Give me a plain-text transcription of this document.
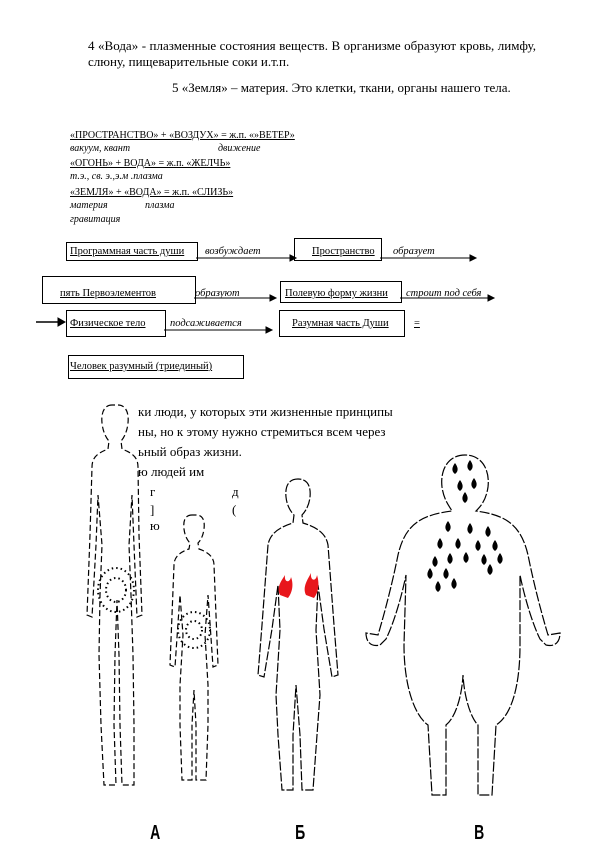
4 «Вода» - плазменные состояния веществ. В организме образуют кровь, лимфу, слюну, пищеварительные соки и.т.п.
5 «Земля» – материя. Это клетки, ткани, органы нашего тела.
«ПРОСТРАНСТВО» + «ВОЗДУХ» = ж.п. «»ВЕТЕР»
вакуум, квант	движение
«ОГОНЬ» + ВОДА» = ж.п. «ЖЕЛЧЬ»
т.э., св. э.,э.м .плазма
«ЗЕМЛЯ» + «ВОДА» = ж.п. «СЛИЗЬ»
материя	плазма
гравитация
Программная часть души возбуждает	Пространство образует
пять Первоэлементов	образуют	Полевую форму жизни строит под себя
Физическое тело подсаживается	Разумная часть Души =
Человек разумный (триединый)
ки люди, у которых эти жизненные принципы
ны, но к этому нужно стремиться всем через
ьный образ жизни.
ю людей им
г	д
]	(
ю
А	Б	В
